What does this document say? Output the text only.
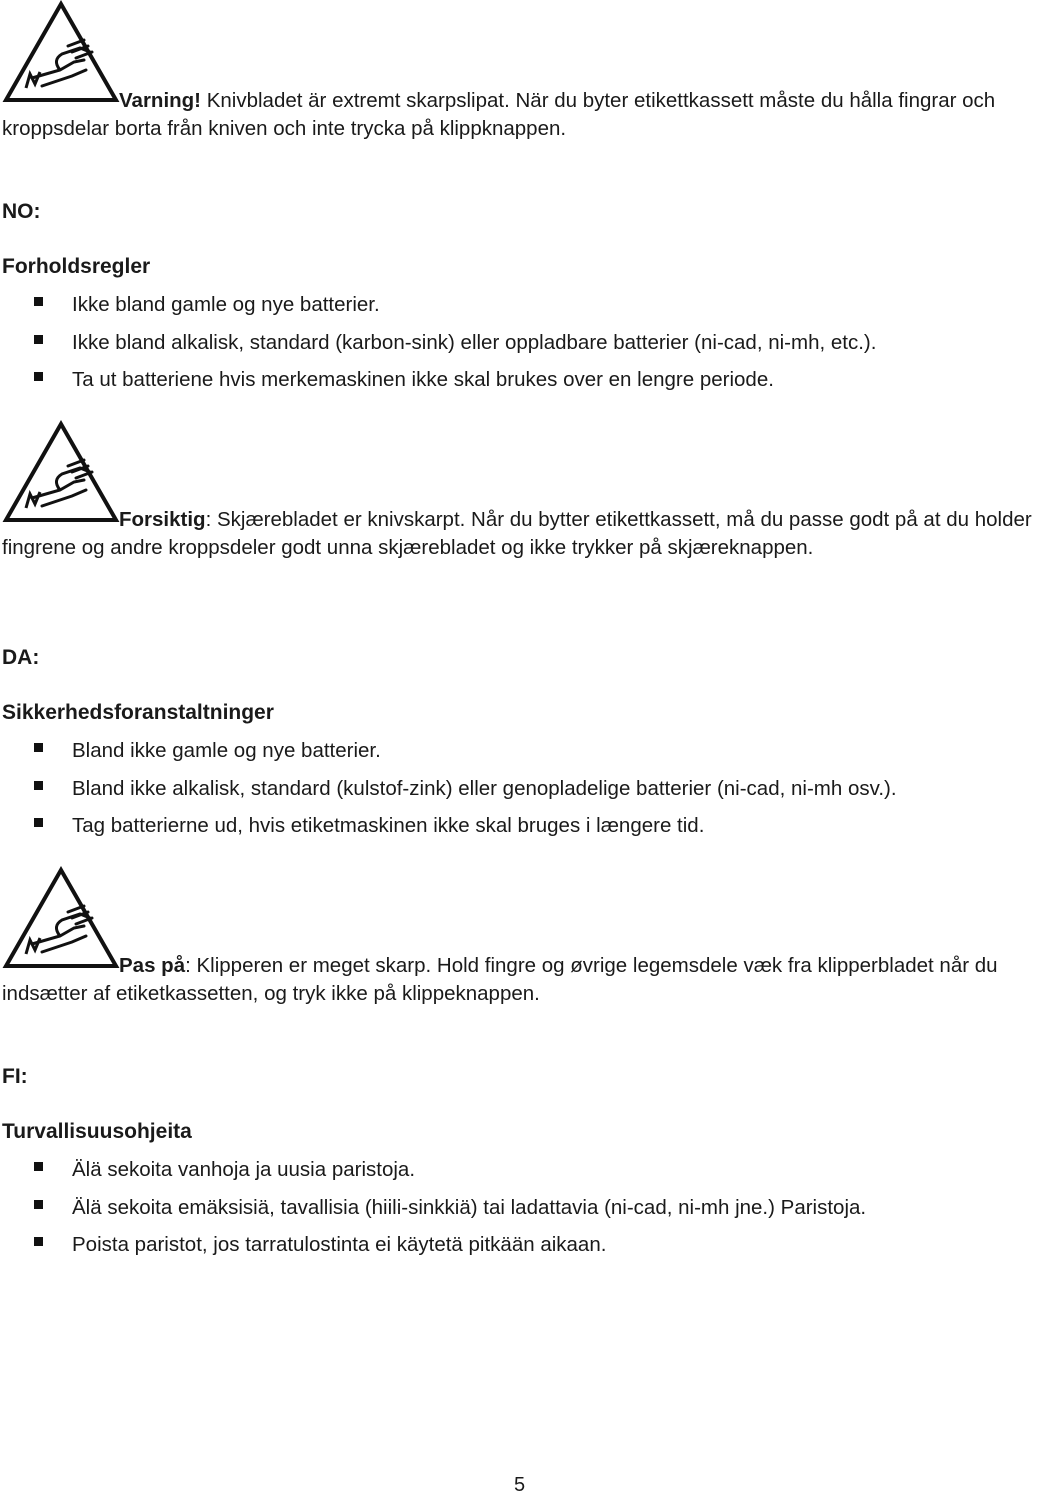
Varning! Knivbladet är extremt skarpslipat. När du byter etikettkassett måste du hålla fingrar och kroppsdelar borta från kniven och inte trycka på klippknappen.

NO:

Forholdsregler

Ikke bland gamle og nye batterier.
Ikke bland alkalisk, standard (karbon-sink) eller oppladbare batterier (ni-cad, ni-mh, etc.).
Ta ut batteriene hvis merkemaskinen ikke skal brukes over en lengre periode.

Forsiktig: Skjærebladet er knivskarpt. Når du bytter etikettkassett, må du passe godt på at du holder fingrene og andre kroppsdeler godt unna skjærebladet og ikke trykker på skjæreknappen.

DA:

Sikkerhedsforanstaltninger

Bland ikke gamle og nye batterier.
Bland ikke alkalisk, standard (kulstof-zink) eller genopladelige batterier (ni-cad, ni-mh osv.).
Tag batterierne ud, hvis etiketmaskinen ikke skal bruges i længere tid.

Pas på: Klipperen er meget skarp. Hold fingre og øvrige legemsdele væk fra klipperbladet når du indsætter af etiketkassetten, og tryk ikke på klippeknappen.

FI:

Turvallisuusohjeita

Älä sekoita vanhoja ja uusia paristoja.
Älä sekoita emäksisiä, tavallisia (hiili-sinkkiä) tai ladattavia (ni-cad, ni-mh jne.) Paristoja.
Poista paristot, jos tarratulostinta ei käytetä pitkään aikaan.

5
